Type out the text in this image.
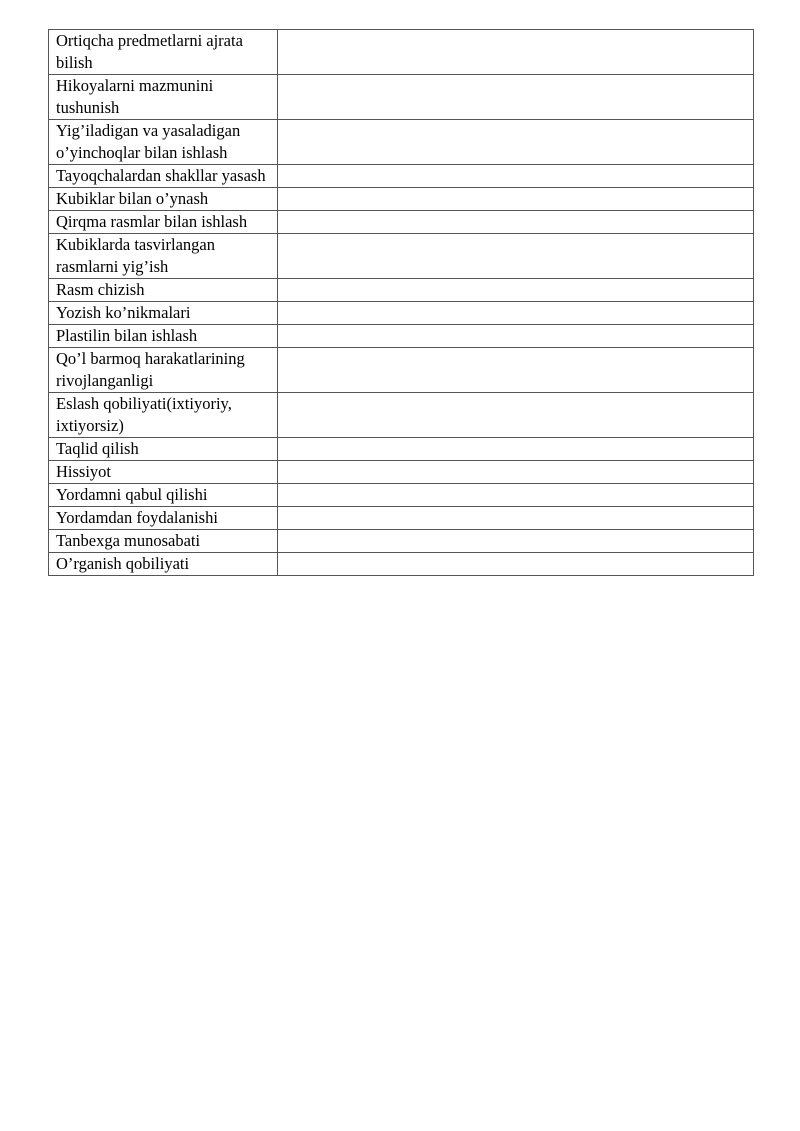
Ortiqcha predmetlarni ajrata bilish	
Hikoyalarni mazmunini tushunish	
Yig’iladigan va yasaladigan o’yinchoqlar bilan ishlash	
Tayoqchalardan shakllar yasash	
Kubiklar bilan o’ynash	
Qirqma rasmlar bilan ishlash	
Kubiklarda tasvirlangan rasmlarni yig’ish	
Rasm chizish	
Yozish ko’nikmalari	
Plastilin bilan ishlash	
Qo’l barmoq harakatlarining rivojlanganligi	
Eslash qobiliyati(ixtiyoriy, ixtiyorsiz)	
Taqlid qilish	
Hissiyot	
Yordamni qabul qilishi	
Yordamdan foydalanishi	
Tanbexga munosabati	
O’rganish qobiliyati	
